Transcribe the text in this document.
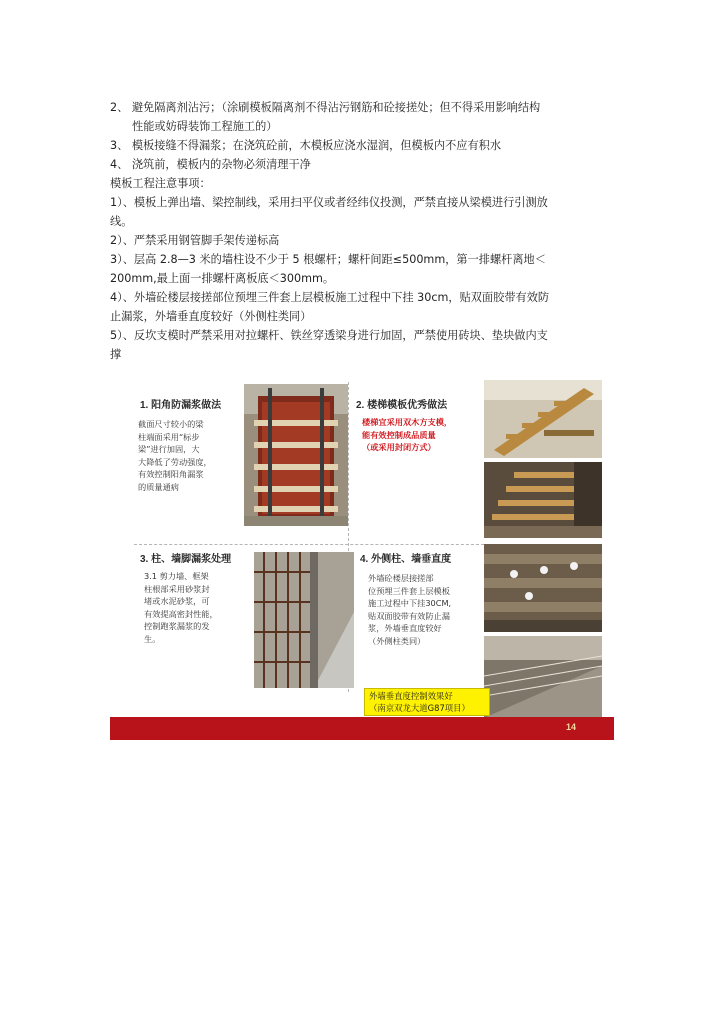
2、 避免隔离剂沾污；（涂刷模板隔离剂不得沾污钢筋和砼接搓处；但不得采用影响结构

性能或妨碍装饰工程施工的）

3、 模板接缝不得漏浆；在浇筑砼前，木模板应浇水湿润，但模板内不应有积水

4、 浇筑前，模板内的杂物必须清理干净

模板工程注意事项：

1）、模板上弹出墙、梁控制线，采用扫平仪或者经纬仪投测，严禁直接从梁模进行引测放

线。

2）、严禁采用钢管脚手架传递标高

3）、层高 2.8—3 米的墙柱设不少于 5 根螺杆；螺杆间距≤500mm，第一排螺杆离地＜

200mm,最上面一排螺杆离板底＜300mm。

4）、外墙砼楼层接搓部位预埋三件套上层模板施工过程中下挂 30cm，贴双面胶带有效防

止漏浆，外墙垂直度较好（外侧柱类同）

5）、反坎支模时严禁采用对拉螺杆、铁丝穿透梁身进行加固，严禁使用砖块、垫块做内支

撑

1. 阳角防漏浆做法
截面尺寸较小的梁
柱端面采用“标步
梁”进行加固，大
大降低了劳动强度，
有效控制阳角漏浆
的质量通病
2. 楼梯模板优秀做法
楼梯宜采用双木方支模，
能有效控制成品质量
（或采用封闭方式）
3. 柱、墙脚漏浆处理
3.1 剪力墙、框架
柱根部采用砂浆封
堵或水泥砂浆，可
有效提高密封性能，
控制跑浆漏浆的发
生。
4. 外侧柱、墙垂直度
外墙砼楼层接搓部
位预埋三件套上层模板
施工过程中下挂30CM,
贴双面胶带有效防止漏
浆，外墙垂直度较好
（外侧柱类同）
外墙垂直度控制效果好
（南京双龙大道G87项目）
14
